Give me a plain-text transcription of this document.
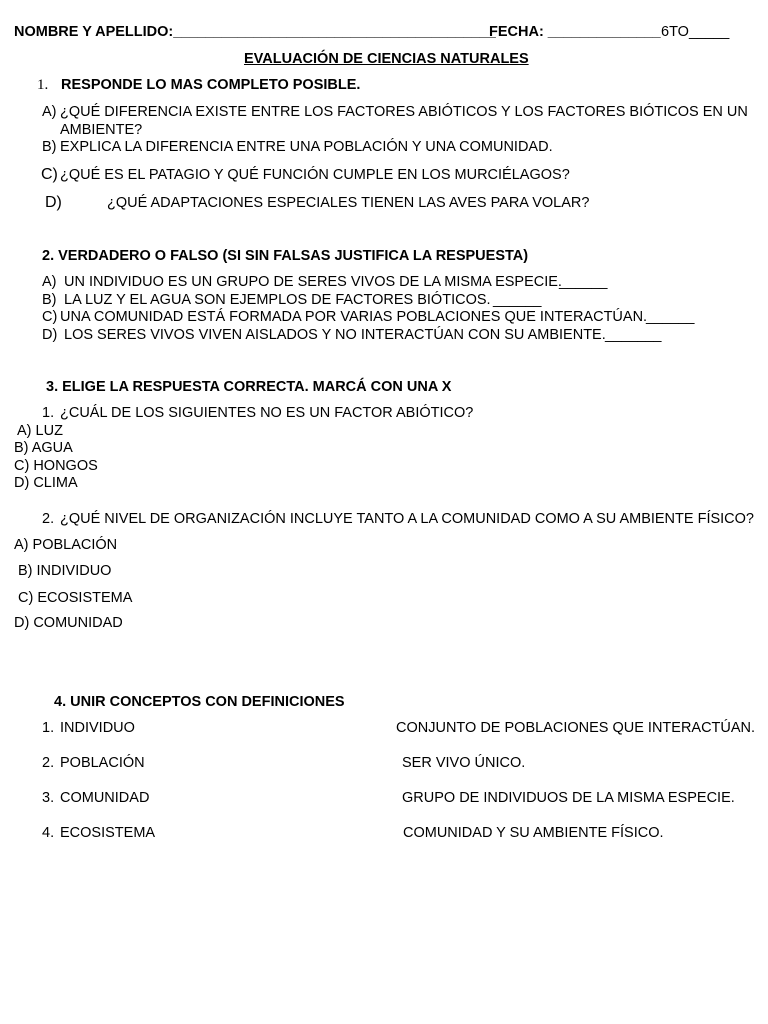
NOMBRE Y APELLIDO:________________________________________
FECHA: ______________ 6TO_____
EVALUACIÓN DE CIENCIAS NATURALES
1. RESPONDE LO MAS COMPLETO POSIBLE.
A) ¿QUÉ DIFERENCIA EXISTE ENTRE LOS FACTORES ABIÓTICOS Y LOS FACTORES BIÓTICOS EN UN
AMBIENTE?
B) EXPLICA LA DIFERENCIA ENTRE UNA POBLACIÓN Y UNA COMUNIDAD.
C) ¿QUÉ ES EL PATAGIO Y QUÉ FUNCIÓN CUMPLE EN LOS MURCIÉLAGOS?
D)	¿QUÉ ADAPTACIONES ESPECIALES TIENEN LAS AVES PARA VOLAR?
2. VERDADERO O FALSO (SI SIN FALSAS JUSTIFICA LA RESPUESTA)
A) UN INDIVIDUO ES UN GRUPO DE SERES VIVOS DE LA MISMA ESPECIE.
______
B) LA LUZ Y EL AGUA SON EJEMPLOS DE FACTORES BIÓTICOS. ______
C) UNA COMUNIDAD ESTÁ FORMADA POR VARIAS POBLACIONES QUE INTERACTÚAN.
______
D) LOS SERES VIVOS VIVEN AISLADOS Y NO INTERACTÚAN CON SU AMBIENTE. _______
3. ELIGE LA RESPUESTA CORRECTA. MARCÁ CON UNA X
1. ¿CUÁL DE LOS SIGUIENTES NO ES UN FACTOR ABIÓTICO?
A) LUZ
B) AGUA
C) HONGOS
D) CLIMA
2. ¿QUÉ NIVEL DE ORGANIZACIÓN INCLUYE TANTO A LA COMUNIDAD COMO A SU AMBIENTE FÍSICO?
A) POBLACIÓN
B) INDIVIDUO
C) ECOSISTEMA
D) COMUNIDAD
4. UNIR CONCEPTOS CON DEFINICIONES
1. INDIVIDUO	CONJUNTO DE POBLACIONES QUE INTERACTÚAN.
2. POBLACIÓN	SER VIVO ÚNICO.
3. COMUNIDAD	GRUPO DE INDIVIDUOS DE LA MISMA ESPECIE.
4. ECOSISTEMA	COMUNIDAD Y SU AMBIENTE FÍSICO.
